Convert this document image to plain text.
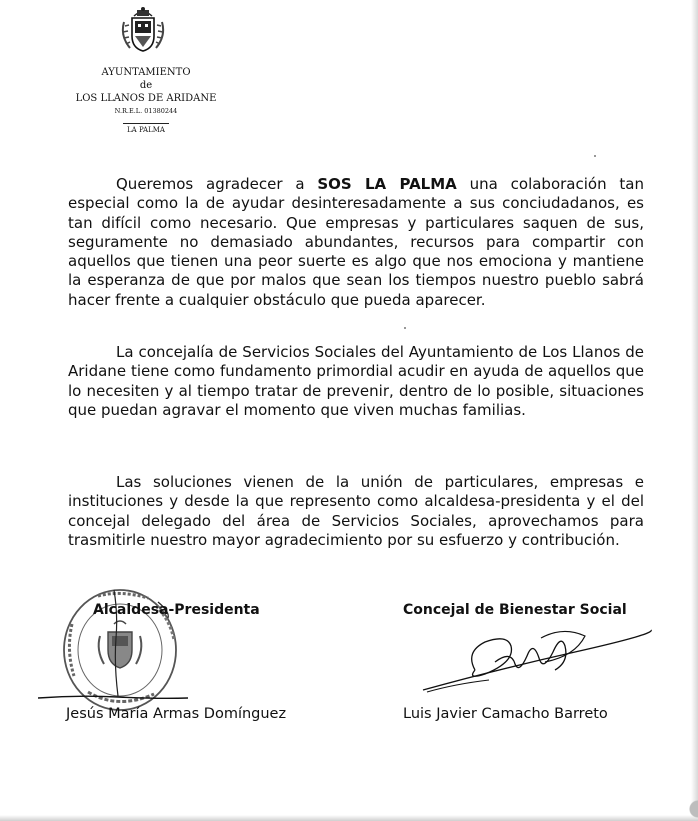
AYUNTAMIENTO
de
LOS LLANOS DE ARIDANE
N.R.E.L. 01380244
LA PALMA

Queremos agradecer a SOS LA PALMA una colaboración tan especial como la de ayudar desinteresadamente a sus conciudadanos, es tan difícil como necesario. Que empresas y particulares saquen de sus, seguramente no demasiado abundantes, recursos para compartir con aquellos que tienen una peor suerte es algo que nos emociona y mantiene la esperanza de que por malos que sean los tiempos nuestro pueblo sabrá hacer frente a cualquier obstáculo que pueda aparecer.

La concejalía de Servicios Sociales del Ayuntamiento de Los Llanos de Aridane tiene como fundamento primordial acudir en ayuda de aquellos que lo necesiten y al tiempo tratar de prevenir, dentro de lo posible, situaciones que puedan agravar el momento que viven muchas familias.

Las soluciones vienen de la unión de particulares, empresas e instituciones y desde la que represento como alcaldesa-presidenta y el del concejal delegado del área de Servicios Sociales, aprovechamos para trasmitirle nuestro mayor agradecimiento por su esfuerzo y contribución.

Alcaldesa-Presidenta	Concejal de Bienestar Social
Jesús María Armas Domínguez	Luis Javier Camacho Barreto
